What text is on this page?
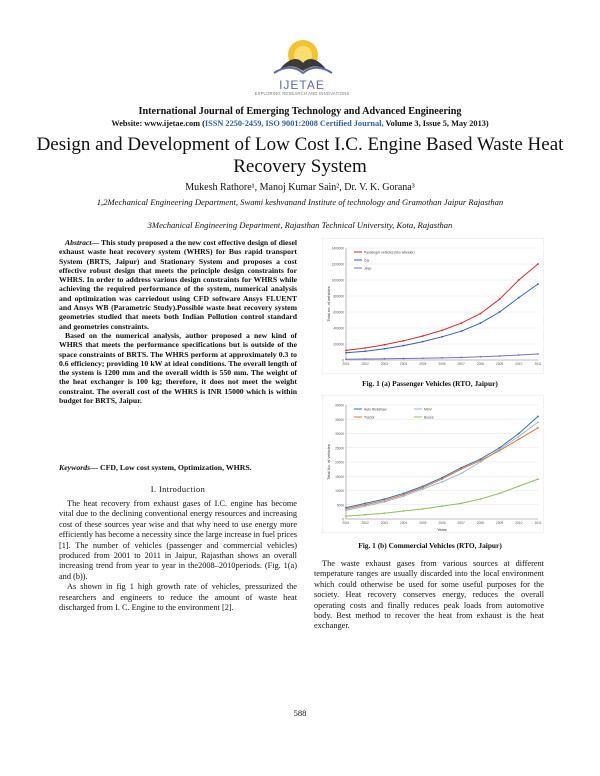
IJETAE
EXPLORING RESEARCH AND INNOVATIONS
International Journal of Emerging Technology and Advanced Engineering
Website: www.ijetae.com (ISSN 2250-2459, ISO 9001:2008 Certified Journal, Volume 3, Issue 5, May 2013)
Design and Development of Low Cost I.C. Engine Based Waste Heat Recovery System
Mukesh Rathore¹, Manoj Kumar Sain², Dr. V. K. Gorana³
1,2Mechanical Engineering Department, Swami keshvanand Institute of technology and Gramothan Jaipur Rajasthan
3Mechanical Engineering Department, Rajasthan Technical University, Kota, Rajasthan

Abstract— This study proposed a the new cost effective design of diesel exhaust waste heat recovery system (WHRS) for Bus rapid transport System (BRTS, Jaipur) and Stationary System and proposes a cost effective robust design that meets the principle design constraints for WHRS. In order to address various design constraints for WHRS while achieving the required performance of the system, numerical analysis and optimization was carriedout using CFD software Ansys FLUENT and Ansys WB (Parametric Study).Possible waste heat recovery system geometries studied that meets both Indian Pollution control standard and geometries constraints.

Based on the numerical analysis, author proposed a new kind of WHRS that meets the performance specifications but is outside of the space constraints of BRTS. The WHRS perform at approximately 0.3 to 0.6 efficiency; providing 10 kW at ideal conditions. The overall length of the system is 1200 mm and the overall width is 550 mm. The weight of the heat exchanger is 100 kg; therefore, it does not meet the weight constraint. The overall cost of the WHRS is INR 15000 which is within budget for BRTS, Jaipur.

Keywords— CFD, Low cost system, Optimization, WHRS.
I. Introduction

The heat recovery from exhaust gases of I.C. engine has become vital due to the declining conventional energy resources and increasing cost of these sources year wise and that why need to use energy more efficiently has become a necessity since the large increase in fuel prices [1]. The number of vehicles (passenger and commercial vehicles) produced from 2001 to 2011 in Jaipur, Rajasthan shows an overall increasing trend from year to year in the2008–2010periods. (Fig. 1(a) and (b)).

As shown in fig 1 high growth rate of vehicles, pressurized the researchers and engineers to reduce the amount of waste heat discharged from I. C. Engine to the environment [2].

0
200000
400000
600000
800000
1000000
1200000
1400000
2001	2002	2003	2004	2005	2006	2007	2008	2009	2010	2011
Total no. of vehicles
Passenger vehicles (two wheeler)
Car
Jeep
Fig. 1 (a) Passenger Vehicles (RTO, Jaipur)
0
5000
10000
15000
20000
25000
30000
35000
40000
2001	2002	2003	2004	2005	2006	2007	2008	2009	2010	2011
Total No. of vehicles
Years
Auto Rickshaw	MGV
Tractor	Buses
Fig. 1 (b) Commercial Vehicles (RTO, Jaipur)

The waste exhaust gases from various sources at different temperature ranges are usually discarded into the local environment which could otherwise be used for some useful purposes for the society. Heat recovery conserves energy, reduces the overall operating costs and finally reduces peak loads from automotive body. Best method to recover the heat from exhaust is the heat exchanger.

588
